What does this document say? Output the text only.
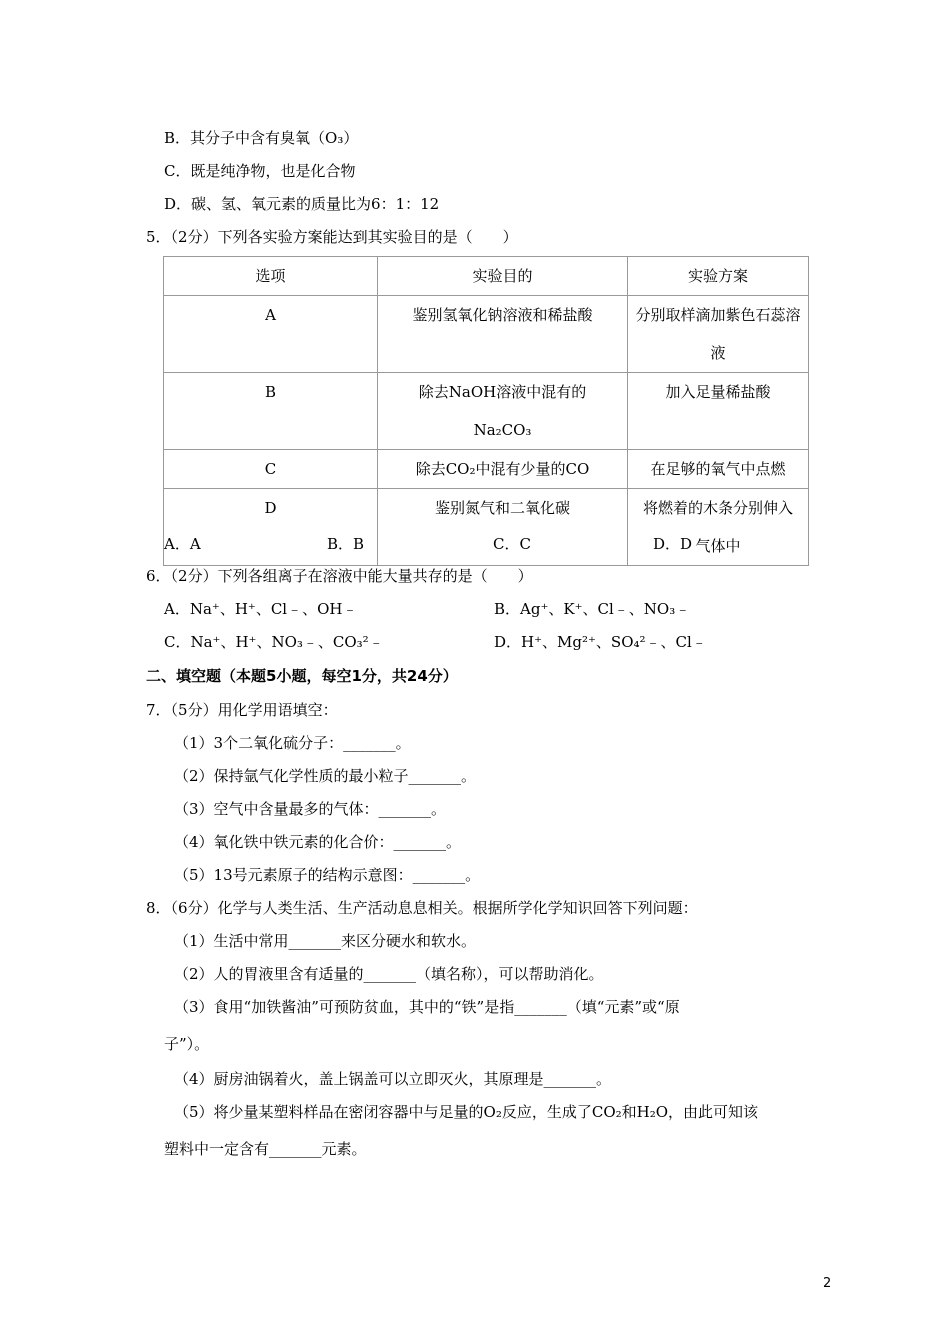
B．其分子中含有臭氧（O₃）
C．既是纯净物，也是化合物
D．碳、氢、氧元素的质量比为6：1：12
5．（2分）下列各实验方案能达到其实验目的是（　　）
选项	实验目的	实验方案
A	鉴别氢氧化钠溶液和稀盐酸	分别取样滴加紫色石蕊溶液
B	除去NaOH溶液中混有的Na₂CO₃	加入足量稀盐酸
C	除去CO₂中混有少量的CO	在足够的氧气中点燃
D	鉴别氮气和二氧化碳	将燃着的木条分别伸入气体中
A．A	B．B	C．C	D．D
6．（2分）下列各组离子在溶液中能大量共存的是（　　）
A．Na⁺、H⁺、Cl﹣、OH﹣	B．Ag⁺、K⁺、Cl﹣、NO₃﹣
C．Na⁺、H⁺、NO₃﹣、CO₃²﹣	D．H⁺、Mg²⁺、SO₄²﹣、Cl﹣
二、填空题（本题5小题，每空1分，共24分）
7．（5分）用化学用语填空：
（1）3个二氧化硫分子：_______。
（2）保持氩气化学性质的最小粒子_______。
（3）空气中含量最多的气体：_______。
（4）氧化铁中铁元素的化合价：_______。
（5）13号元素原子的结构示意图：_______。
8．（6分）化学与人类生活、生产活动息息相关。根据所学化学知识回答下列问题：
（1）生活中常用_______来区分硬水和软水。
（2）人的胃液里含有适量的_______（填名称），可以帮助消化。
（3）食用“加铁酱油”可预防贫血，其中的“铁”是指_______（填“元素”或“原
子”）。
（4）厨房油锅着火，盖上锅盖可以立即灭火，其原理是_______。
（5）将少量某塑料样品在密闭容器中与足量的O₂反应，生成了CO₂和H₂O，由此可知该
塑料中一定含有_______元素。
2
